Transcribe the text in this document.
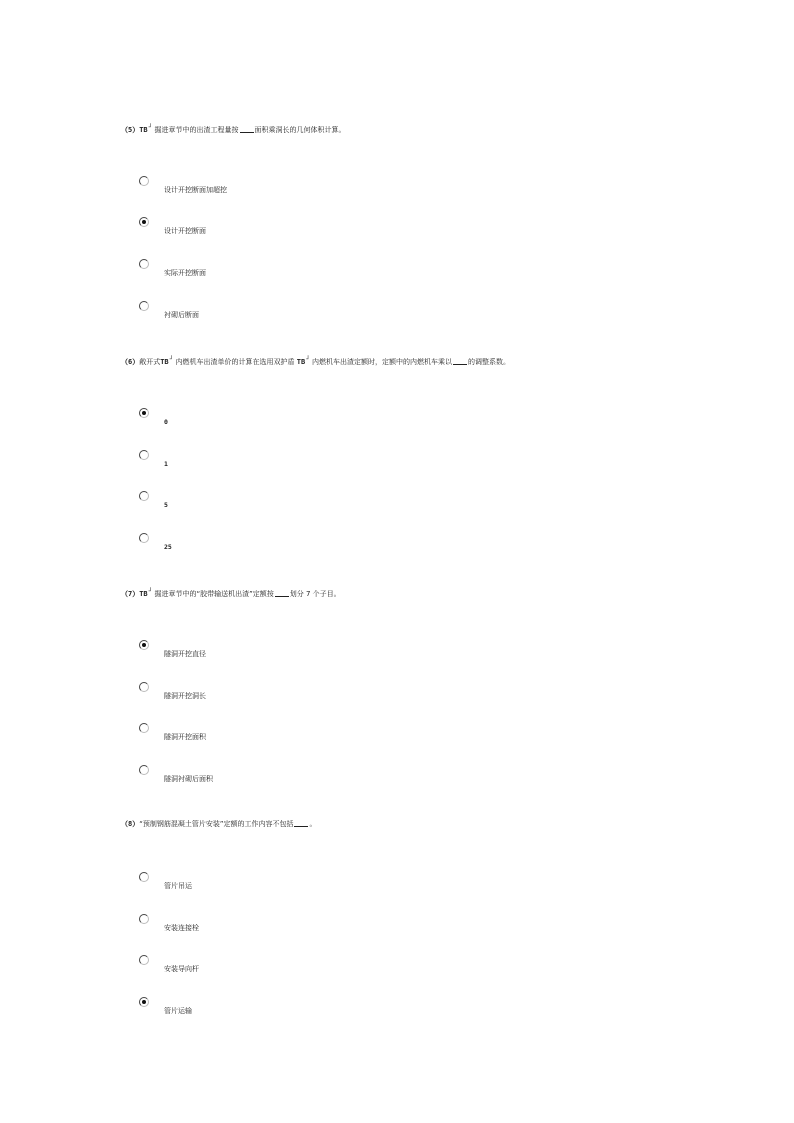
（5）TB┘ 掘进章节中的出渣工程量按 面积乘洞长的几何体积计算。
设计开挖断面加超挖
设计开挖断面
实际开挖断面
衬砌后断面
（6）敞开式TB┘ 内燃机车出渣单价的计算在选用双护盾 TB┘ 内燃机车出渣定额时，定额中的内燃机车乘以 的调整系数。
0
1
5
25
（7）TB┘ 掘进章节中的“胶带输送机出渣”定额按 划分 7 个子目。
隧洞开挖直径
隧洞开挖洞长
隧洞开挖面积
隧洞衬砌后面积
（8）“预制钢筋混凝土管片安装”定额的工作内容不包括 。
管片吊运
安装连接栓
安装导向杆
管片运输
